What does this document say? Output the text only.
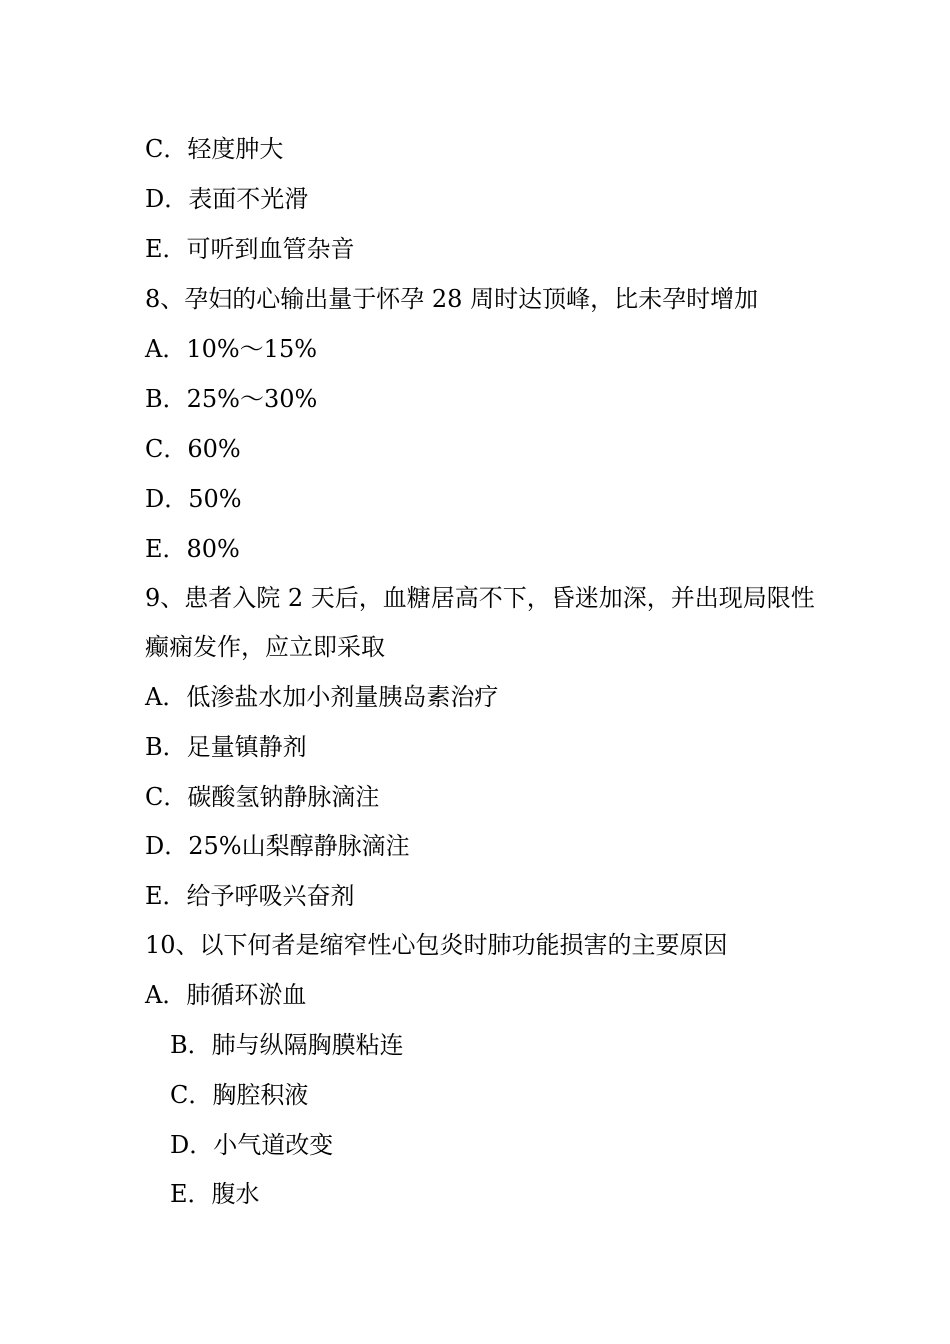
C．轻度肿大
D．表面不光滑
E．可听到血管杂音
8、孕妇的心输出量于怀孕 28 周时达顶峰，比未孕时增加
A．10%～15%
B．25%～30%
C．60%
D．50%
E．80%
9、患者入院 2 天后，血糖居高不下，昏迷加深，并出现局限性
癫痫发作，应立即采取
A．低渗盐水加小剂量胰岛素治疗
B．足量镇静剂
C．碳酸氢钠静脉滴注
D．25%山梨醇静脉滴注
E．给予呼吸兴奋剂
10、以下何者是缩窄性心包炎时肺功能损害的主要原因
A．肺循环淤血
B．肺与纵隔胸膜粘连
C．胸腔积液
D．小气道改变
E．腹水
